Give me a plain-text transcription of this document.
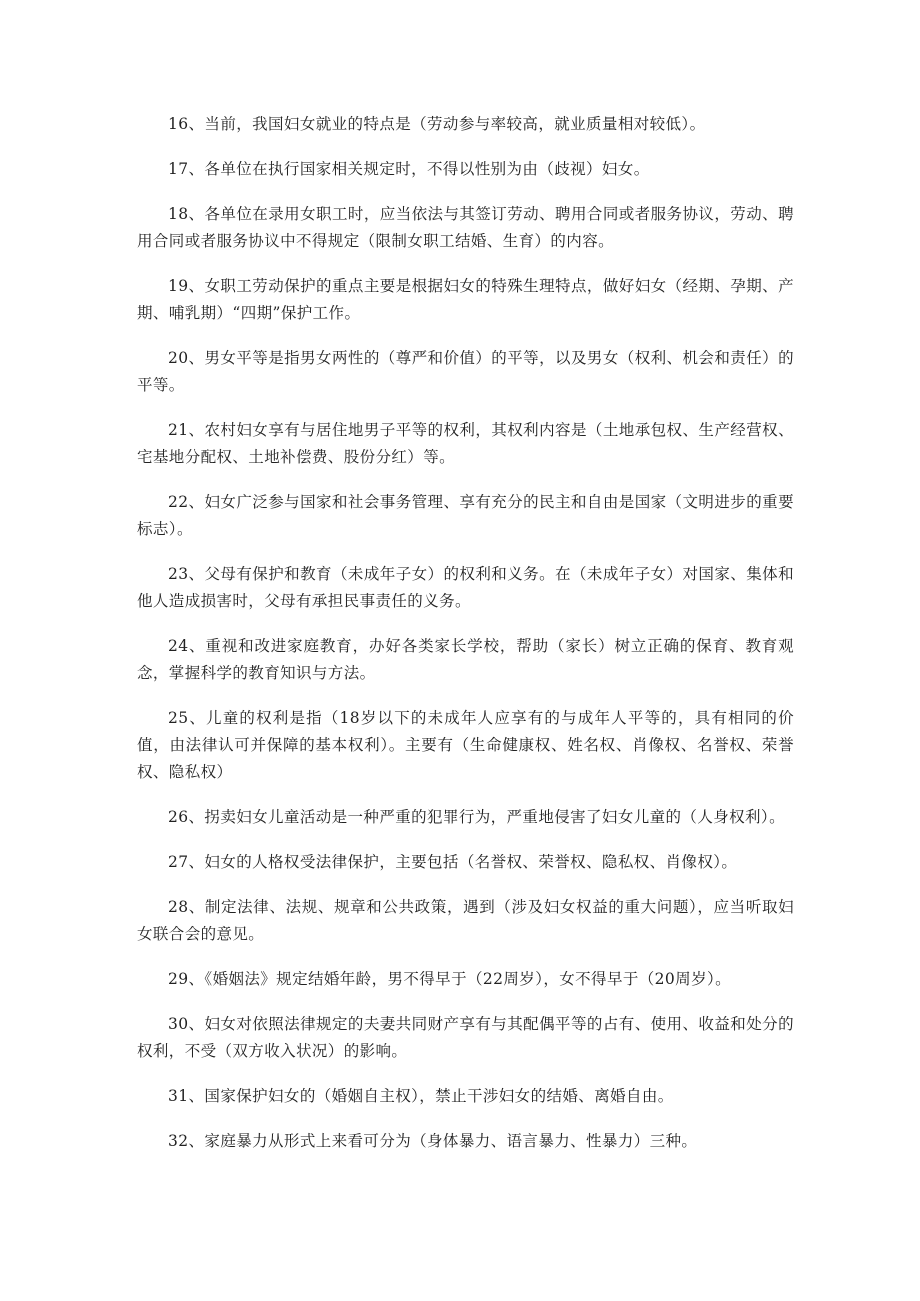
16、当前，我国妇女就业的特点是（劳动参与率较高，就业质量相对较低）。

17、各单位在执行国家相关规定时，不得以性别为由（歧视）妇女。

18、各单位在录用女职工时，应当依法与其签订劳动、聘用合同或者服务协议，劳动、聘用合同或者服务协议中不得规定（限制女职工结婚、生育）的内容。

19、女职工劳动保护的重点主要是根据妇女的特殊生理特点，做好妇女（经期、孕期、产期、哺乳期）“四期”保护工作。

20、男女平等是指男女两性的（尊严和价值）的平等，以及男女（权利、机会和责任）的平等。

21、农村妇女享有与居住地男子平等的权利，其权利内容是（土地承包权、生产经营权、宅基地分配权、土地补偿费、股份分红）等。

22、妇女广泛参与国家和社会事务管理、享有充分的民主和自由是国家（文明进步的重要标志）。

23、父母有保护和教育（未成年子女）的权利和义务。在（未成年子女）对国家、集体和他人造成损害时，父母有承担民事责任的义务。

24、重视和改进家庭教育，办好各类家长学校，帮助（家长）树立正确的保育、教育观念，掌握科学的教育知识与方法。

25、儿童的权利是指（18岁以下的未成年人应享有的与成年人平等的，具有相同的价值，由法律认可并保障的基本权利）。主要有（生命健康权、姓名权、肖像权、名誉权、荣誉权、隐私权）

26、拐卖妇女儿童活动是一种严重的犯罪行为，严重地侵害了妇女儿童的（人身权利）。

27、妇女的人格权受法律保护，主要包括（名誉权、荣誉权、隐私权、肖像权）。

28、制定法律、法规、规章和公共政策，遇到（涉及妇女权益的重大问题），应当听取妇女联合会的意见。

29、《婚姻法》规定结婚年龄，男不得早于（22周岁），女不得早于（20周岁）。

30、妇女对依照法律规定的夫妻共同财产享有与其配偶平等的占有、使用、收益和处分的权利，不受（双方收入状况）的影响。

31、国家保护妇女的（婚姻自主权），禁止干涉妇女的结婚、离婚自由。

32、家庭暴力从形式上来看可分为（身体暴力、语言暴力、性暴力）三种。
